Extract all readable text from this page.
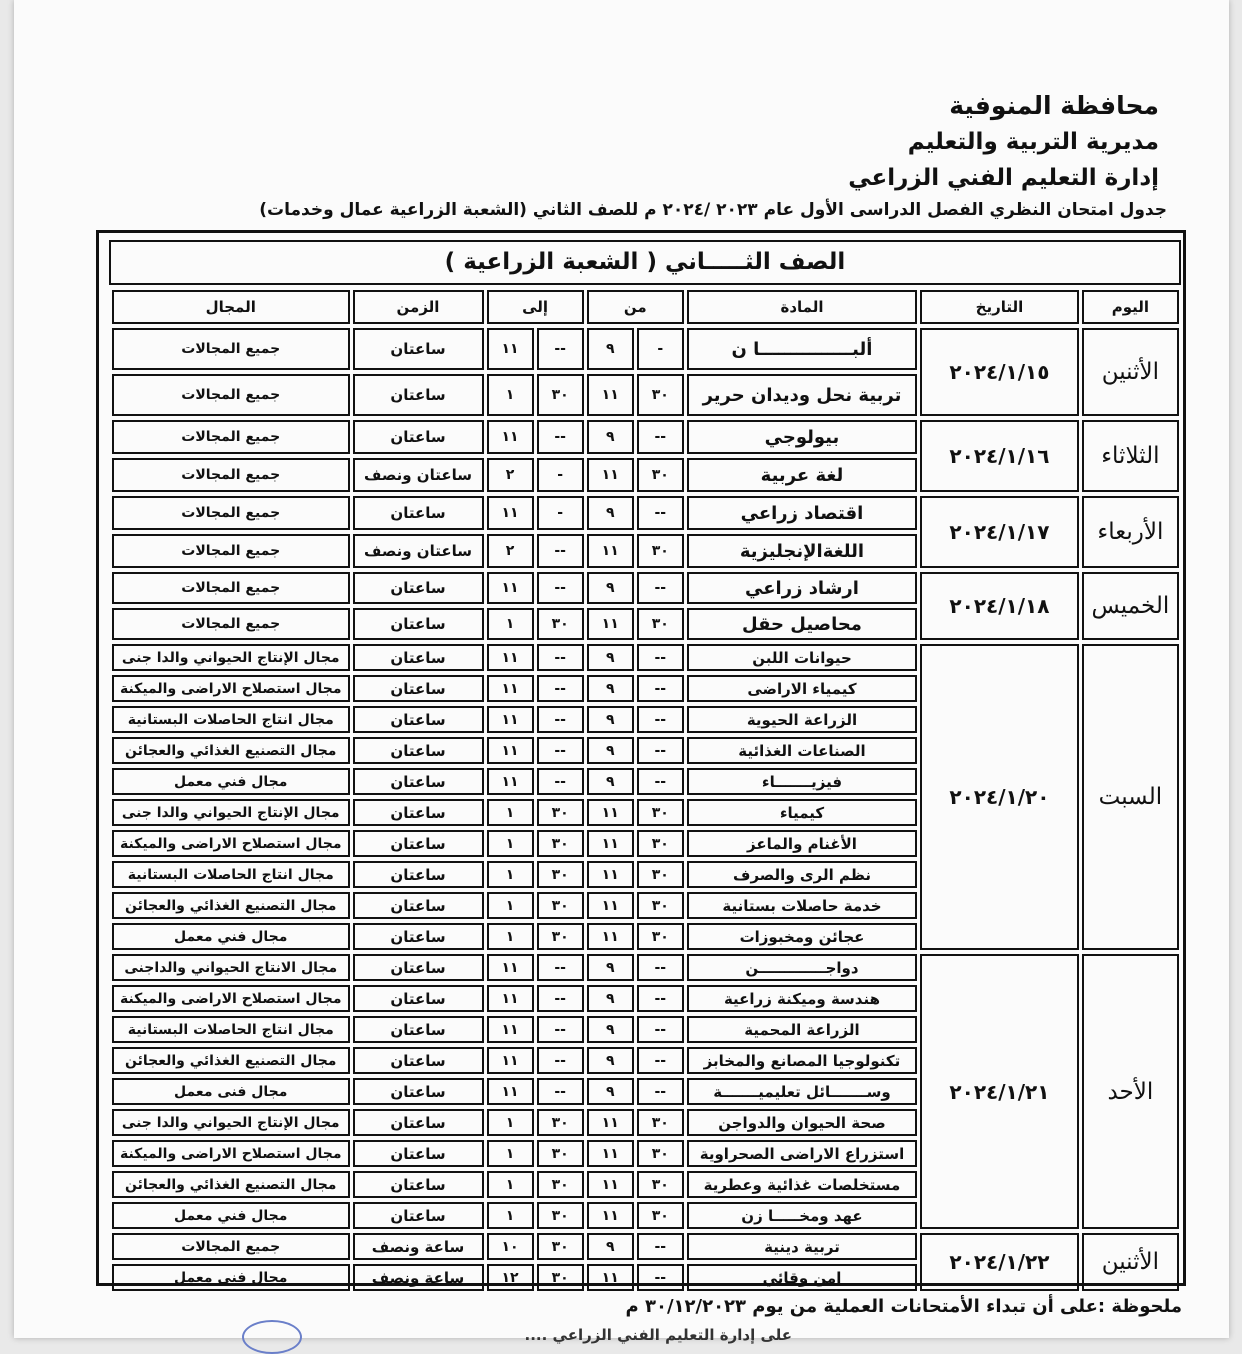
محافظة المنوفية
مديرية التربية والتعليم
إدارة التعليم الفني الزراعي
جدول امتحان النظري الفصل الدراسى الأول عام ٢٠٢٣ /٢٠٢٤ م للصف الثاني (الشعبة الزراعية عمال وخدمات)
الصف الثـــــاني ( الشعبة الزراعية )
اليوم	التاريخ	المادة	من		إلى		الزمن	المجال
الأثنين	٢٠٢٤/١/١٥	ألبـــــــــــــــا ن	-	٩	--	١١	ساعتان	جميع المجالات
		تربية نحل وديدان حرير	٣٠	١١	٣٠	١	ساعتان	جميع المجالات
الثلاثاء	٢٠٢٤/١/١٦	بيولوجي	--	٩	--	١١	ساعتان	جميع المجالات
		لغة عربية	٣٠	١١	-	٢	ساعتان ونصف	جميع المجالات
الأربعاء	٢٠٢٤/١/١٧	اقتصاد زراعي	--	٩	-	١١	ساعتان	جميع المجالات
		اللغةالإنجليزية	٣٠	١١	--	٢	ساعتان ونصف	جميع المجالات
الخميس	٢٠٢٤/١/١٨	ارشاد زراعي	--	٩	--	١١	ساعتان	جميع المجالات
		محاصيل حقل	٣٠	١١	٣٠	١	ساعتان	جميع المجالات
السبت	٢٠٢٤/١/٢٠	حيوانات اللبن	--	٩	--	١١	ساعتان	مجال الإنتاج الحيواني والدا جنى
		كيمياء الاراضى	--	٩	--	١١	ساعتان	مجال استصلاح الاراضى والميكنة
		الزراعة الحيوية	--	٩	--	١١	ساعتان	مجال انتاج الحاصلات البستانية
		الصناعات الغذائية	--	٩	--	١١	ساعتان	مجال التصنيع الغذائي والعجائن
		فيزيـــــــاء	--	٩	--	١١	ساعتان	مجال فني معمل
		كيمياء	٣٠	١١	٣٠	١	ساعتان	مجال الإنتاج الحيواني والدا جنى
		الأغنام والماعز	٣٠	١١	٣٠	١	ساعتان	مجال استصلاح الاراضى والميكنة
		نظم الرى والصرف	٣٠	١١	٣٠	١	ساعتان	مجال انتاج الحاصلات البستانية
		خدمة حاصلات بستانية	٣٠	١١	٣٠	١	ساعتان	مجال التصنيع الغذائي والعجائن
		عجائن ومخبوزات	٣٠	١١	٣٠	١	ساعتان	مجال فني معمل
الأحد	٢٠٢٤/١/٢١	دواجـــــــــــــن	--	٩	--	١١	ساعتان	مجال الانتاج الحيواني والداجنى
		هندسة وميكنة زراعية	--	٩	--	١١	ساعتان	مجال استصلاح الاراضى والميكنة
		الزراعة المحمية	--	٩	--	١١	ساعتان	مجال انتاج الحاصلات البستانية
		تكنولوجيا المصانع والمخابز	--	٩	--	١١	ساعتان	مجال التصنيع الغذائي والعجائن
		وســـــــائل تعليميـــــــة	--	٩	--	١١	ساعتان	مجال فنى معمل
		صحة الحيوان والدواجن	٣٠	١١	٣٠	١	ساعتان	مجال الإنتاج الحيواني والدا جنى
		استزراع الاراضى الصحراوية	٣٠	١١	٣٠	١	ساعتان	مجال استصلاح الاراضى والميكنة
		مستخلصات غذائية وعطرية	٣٠	١١	٣٠	١	ساعتان	مجال التصنيع الغذائي والعجائن
		عهد ومخـــــا زن	٣٠	١١	٣٠	١	ساعتان	مجال فني معمل
الأثنين	٢٠٢٤/١/٢٢	تربية دينية	--	٩	٣٠	١٠	ساعة ونصف	جميع المجالات
		امن وقائي	--	١١	٣٠	١٢	ساعة ونصف	مجال فنى معمل
ملحوظة :على أن تبداء الأمتحانات العملية من يوم ٣٠/١٢/٢٠٢٣ م
على إدارة التعليم الفني الزراعي ....
